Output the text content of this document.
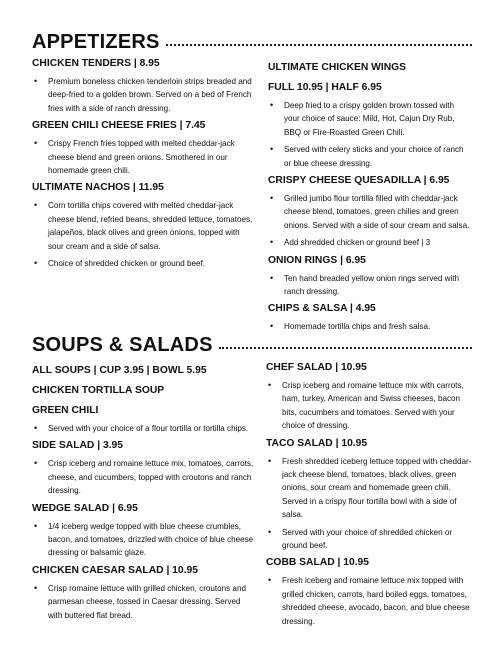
APPETIZERS
CHICKEN TENDERS | 8.95
• Premium boneless chicken tenderloin strips breaded and deep-fried to a golden brown. Served on a bed of French fries with a side of ranch dressing.
GREEN CHILI CHEESE FRIES | 7.45
• Crispy French fries topped with melted cheddar-jack cheese blend and green onions. Smothered in our homemade green chili.
ULTIMATE NACHOS | 11.95
• Corn tortilla chips covered with melted cheddar-jack cheese blend, refried beans, shredded lettuce, tomatoes, jalapeños, black olives and green onions, topped with sour cream and a side of salsa.
• Choice of shredded chicken or ground beef.
ULTIMATE CHICKEN WINGS
FULL 10.95 | HALF 6.95
• Deep fried to a crispy golden brown tossed with your choice of sauce: Mild, Hot, Cajun Dry Rub, BBQ or Fire-Roasted Green Chili.
• Served with celery sticks and your choice of ranch or blue cheese dressing.
CRISPY CHEESE QUESADILLA | 6.95
• Grilled jumbo flour tortilla filled with cheddar-jack cheese blend, tomatoes, green chilies and green onions. Served with a side of sour cream and salsa.
• Add shredded chicken or ground beef | 3
ONION RINGS | 6.95
• Ten hand breaded yellow onion rings served with ranch dressing.
CHIPS & SALSA | 4.95
• Homemade tortilla chips and fresh salsa.
SOUPS & SALADS
ALL SOUPS | CUP 3.95 | BOWL 5.95
CHICKEN TORTILLA SOUP
GREEN CHILI
• Served with your choice of a flour tortilla or tortilla chips.
SIDE SALAD | 3.95
• Crisp iceberg and romaine lettuce mix, tomatoes, carrots, cheese, and cucumbers, topped with croutons and ranch dressing.
WEDGE SALAD | 6.95
• 1/4 iceberg wedge topped with blue cheese crumbles, bacon, and tomatoes, drizzled with choice of blue cheese dressing or balsamic glaze.
CHICKEN CAESAR SALAD | 10.95
• Crisp romaine lettuce with grilled chicken, croutons and parmesan cheese, tossed in Caesar dressing. Served with buttered flat bread.
CHEF SALAD | 10.95
• Crisp iceberg and romaine lettuce mix with carrots, ham, turkey, American and Swiss cheeses, bacon bits, cucumbers and tomatoes. Served with your choice of dressing.
TACO SALAD | 10.95
• Fresh shredded iceberg lettuce topped with cheddar-jack cheese blend, tomatoes, black olives, green onions, sour cream and homemade green chili. Served in a crispy flour tortilla bowl with a side of salsa.
• Served with your choice of shredded chicken or ground beef.
COBB SALAD | 10.95
• Fresh iceberg and romaine lettuce mix topped with grilled chicken, carrots, hard boiled eggs, tomatoes, shredded cheese, avocado, bacon, and blue cheese dressing.
